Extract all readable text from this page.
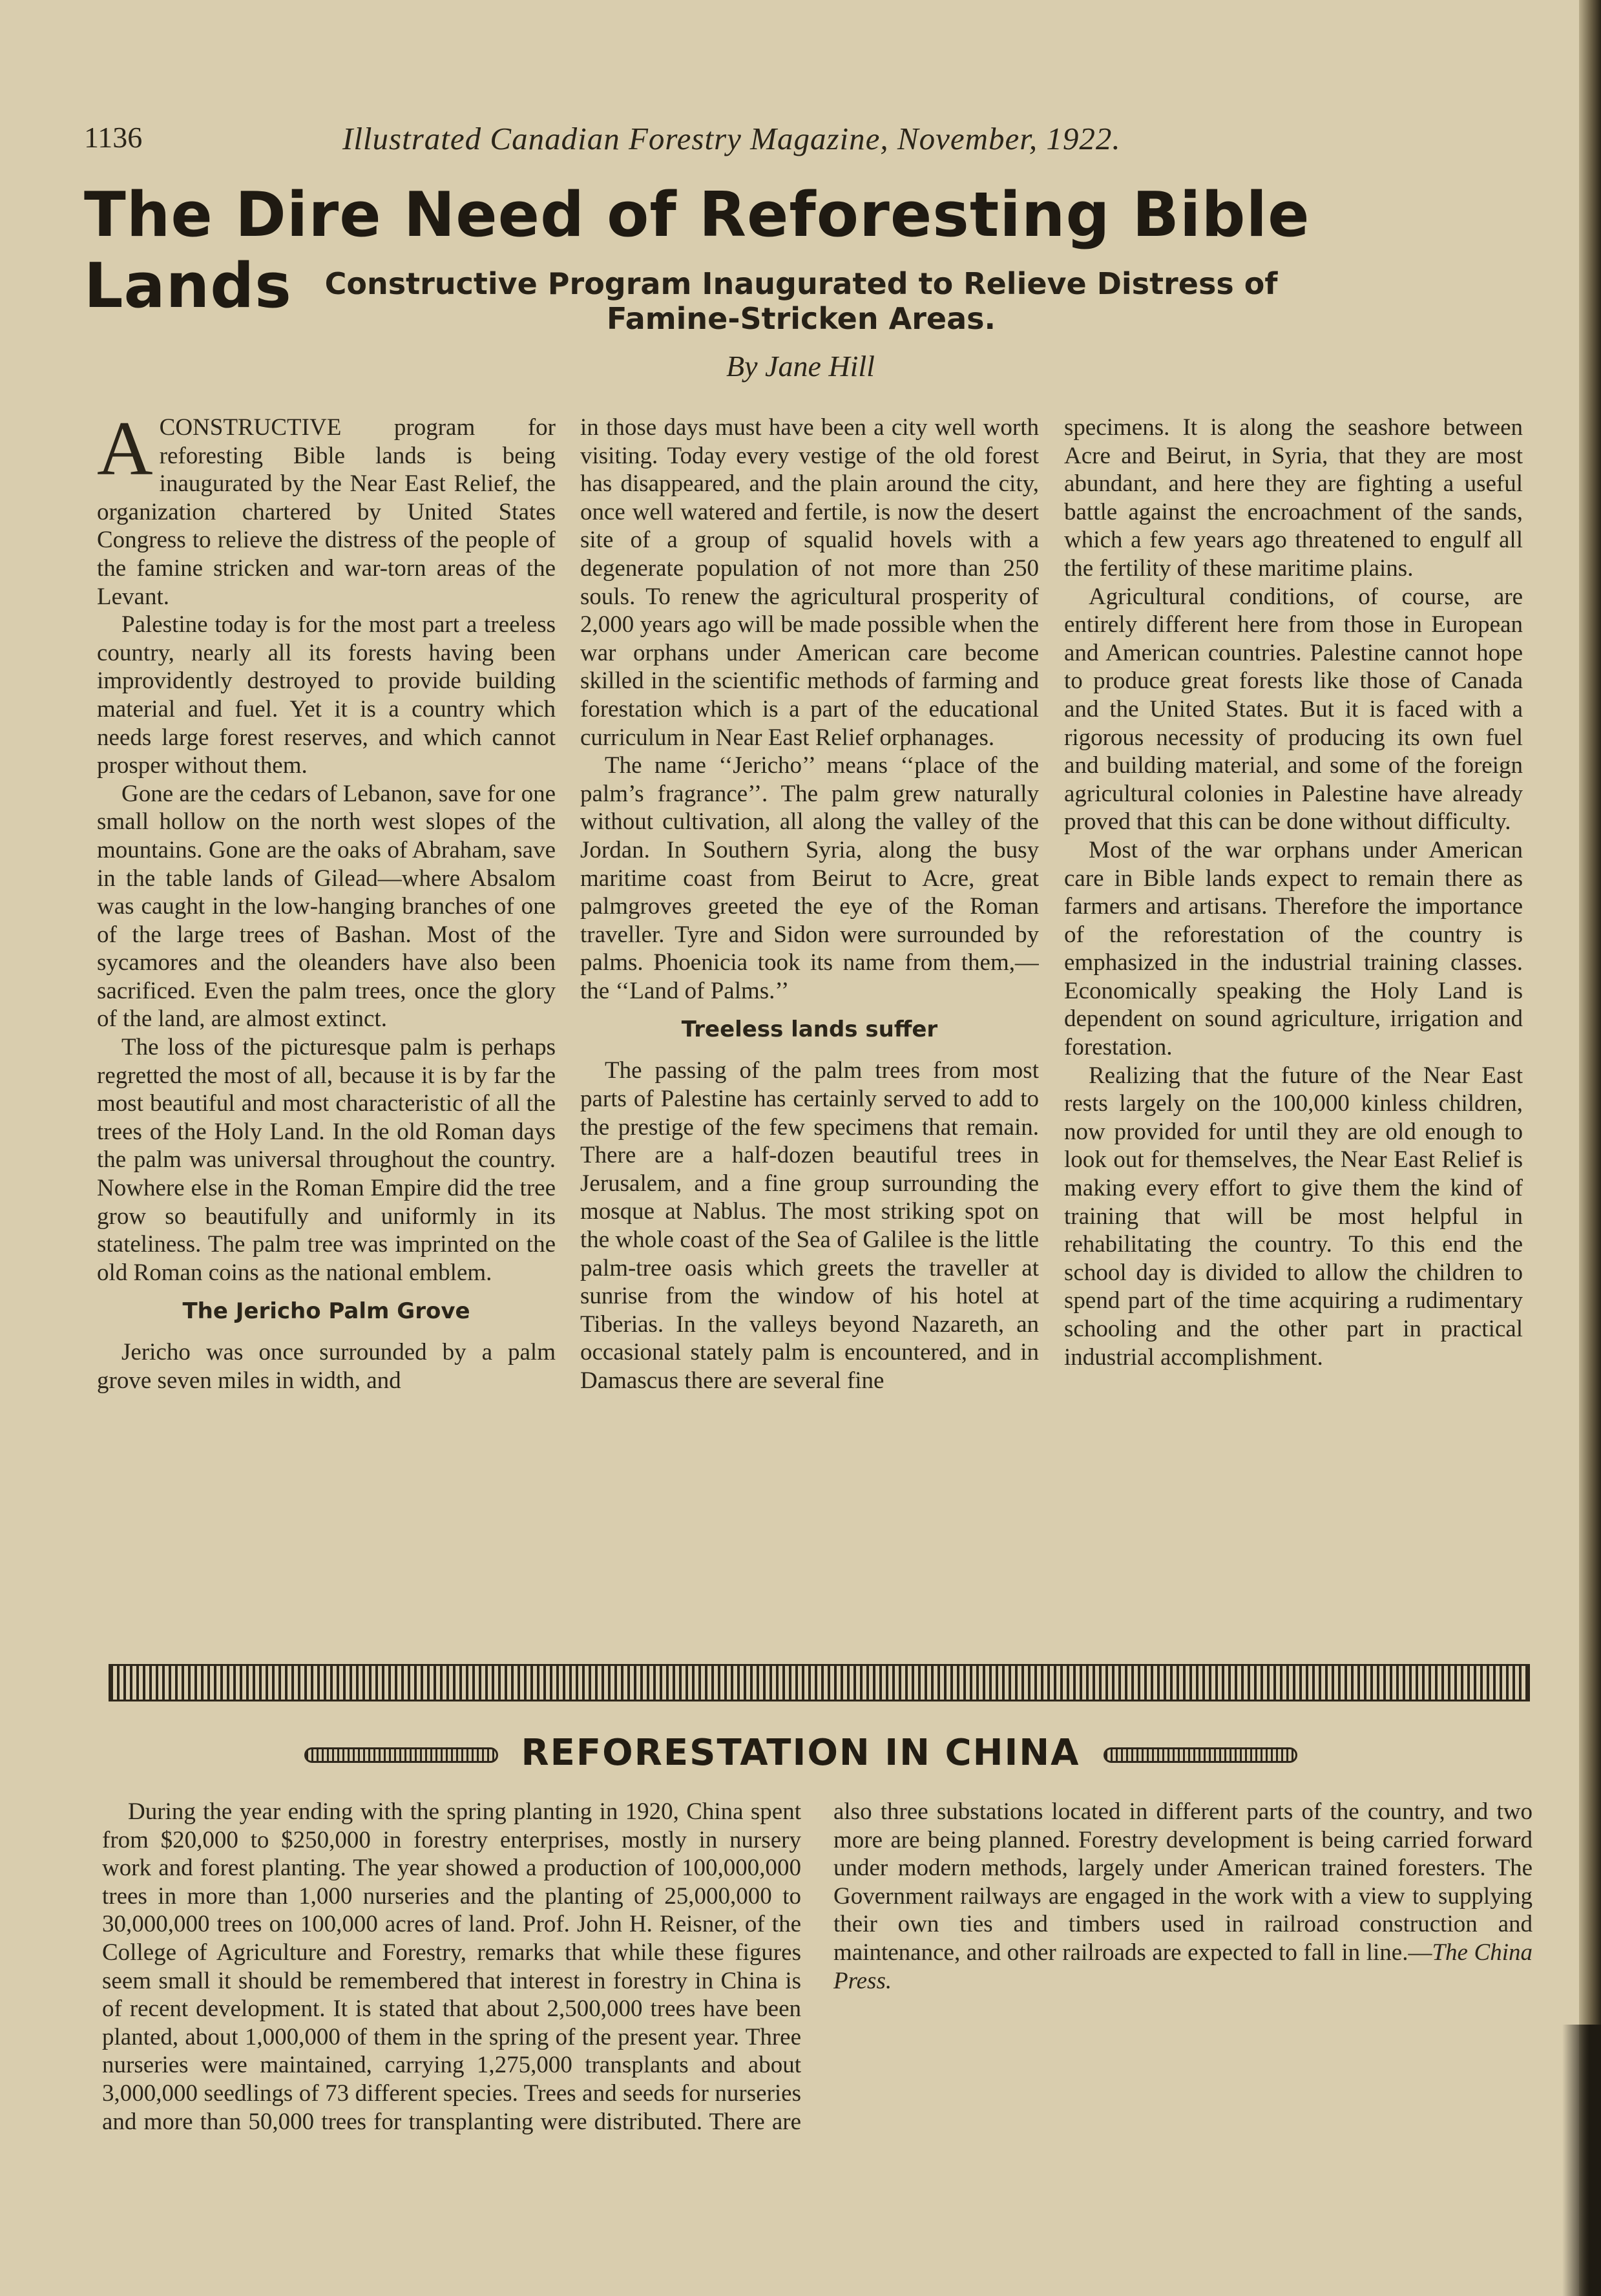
1136	Illustrated Canadian Forestry Magazine, November, 1922.
The Dire Need of Reforesting Bible Lands	Constructive Program Inaugurated to Relieve Distress of Famine-Stricken Areas.
By Jane Hill

ACONSTRUCTIVE program for reforesting Bible lands is being inaugurated by the Near East Relief, the organization chartered by United States Congress to relieve the distress of the people of the famine stricken and war-torn areas of the Levant.

Palestine today is for the most part a treeless country, nearly all its forests having been improvidently destroyed to provide building material and fuel. Yet it is a country which needs large forest reserves, and which cannot prosper without them.

Gone are the cedars of Lebanon, save for one small hollow on the north west slopes of the mountains. Gone are the oaks of Abraham, save in the table lands of Gilead—where Absalom was caught in the low-hanging branches of one of the large trees of Bashan. Most of the sycamores and the oleanders have also been sacrificed. Even the palm trees, once the glory of the land, are almost extinct.

The loss of the picturesque palm is perhaps regretted the most of all, because it is by far the most beautiful and most characteristic of all the trees of the Holy Land. In the old Roman days the palm was universal throughout the country. Nowhere else in the Roman Empire did the tree grow so beautifully and uniformly in its stateliness. The palm tree was imprinted on the old Roman coins as the national emblem.

The Jericho Palm Grove

Jericho was once surrounded by a palm grove seven miles in width, and

in those days must have been a city well worth visiting. Today every vestige of the old forest has disappeared, and the plain around the city, once well watered and fertile, is now the desert site of a group of squalid hovels with a degenerate population of not more than 250 souls. To renew the agricultural prosperity of 2,000 years ago will be made possible when the war orphans under American care become skilled in the scientific methods of farming and forestation which is a part of the educational curriculum in Near East Relief orphanages.

The name ‘‘Jericho’’ means ‘‘place of the palm’s fragrance’’. The palm grew naturally without cultivation, all along the valley of the Jordan. In Southern Syria, along the busy maritime coast from Beirut to Acre, great palmgroves greeted the eye of the Roman traveller. Tyre and Sidon were surrounded by palms. Phoenicia took its name from them,—the ‘‘Land of Palms.’’

Treeless lands suffer

The passing of the palm trees from most parts of Palestine has certainly served to add to the prestige of the few specimens that remain. There are a half-dozen beautiful trees in Jerusalem, and a fine group surrounding the mosque at Nablus. The most striking spot on the whole coast of the Sea of Galilee is the little palm-tree oasis which greets the traveller at sunrise from the window of his hotel at Tiberias. In the valleys beyond Nazareth, an occasional stately palm is encountered, and in Damascus there are several fine

specimens. It is along the seashore between Acre and Beirut, in Syria, that they are most abundant, and here they are fighting a useful battle against the encroachment of the sands, which a few years ago threatened to engulf all the fertility of these maritime plains.

Agricultural conditions, of course, are entirely different here from those in European and American countries. Palestine cannot hope to produce great forests like those of Canada and the United States. But it is faced with a rigorous necessity of producing its own fuel and building material, and some of the foreign agricultural colonies in Palestine have already proved that this can be done without difficulty.

Most of the war orphans under American care in Bible lands expect to remain there as farmers and artisans. Therefore the importance of the reforestation of the country is emphasized in the industrial training classes. Economically speaking the Holy Land is dependent on sound agriculture, irrigation and forestation.

Realizing that the future of the Near East rests largely on the 100,000 kinless children, now provided for until they are old enough to look out for themselves, the Near East Relief is making every effort to give them the kind of training that will be most helpful in rehabilitating the country. To this end the school day is divided to allow the children to spend part of the time acquiring a rudimentary schooling and the other part in practical industrial accomplishment.

REFORESTATION IN CHINA

During the year ending with the spring planting in 1920, China spent from $20,000 to $250,000 in forestry enterprises, mostly in nursery work and forest planting. The year showed a production of 100,000,000 trees in more than 1,000 nurseries and the planting of 25,000,000 to 30,000,000 trees on 100,000 acres of land. Prof. John H. Reisner, of the College of Agriculture and Forestry, remarks that while these figures seem small it should be remembered that interest in forestry in China is of recent development. It is stated that about 2,500,000 trees have been planted, about 1,000,000 of them in the spring of the present year. Three nurseries were maintained, carrying 1,275,000 transplants and about 3,000,000 seedlings of 73 different species. Trees and seeds for nurseries and more than 50,000 trees for transplanting were distributed. There are also three substations located in different parts of the country, and two more are being planned. Forestry development is being carried forward under modern methods, largely under American trained foresters. The Government railways are engaged in the work with a view to supplying their own ties and timbers used in railroad construction and maintenance, and other railroads are expected to fall in line.—The China Press.
